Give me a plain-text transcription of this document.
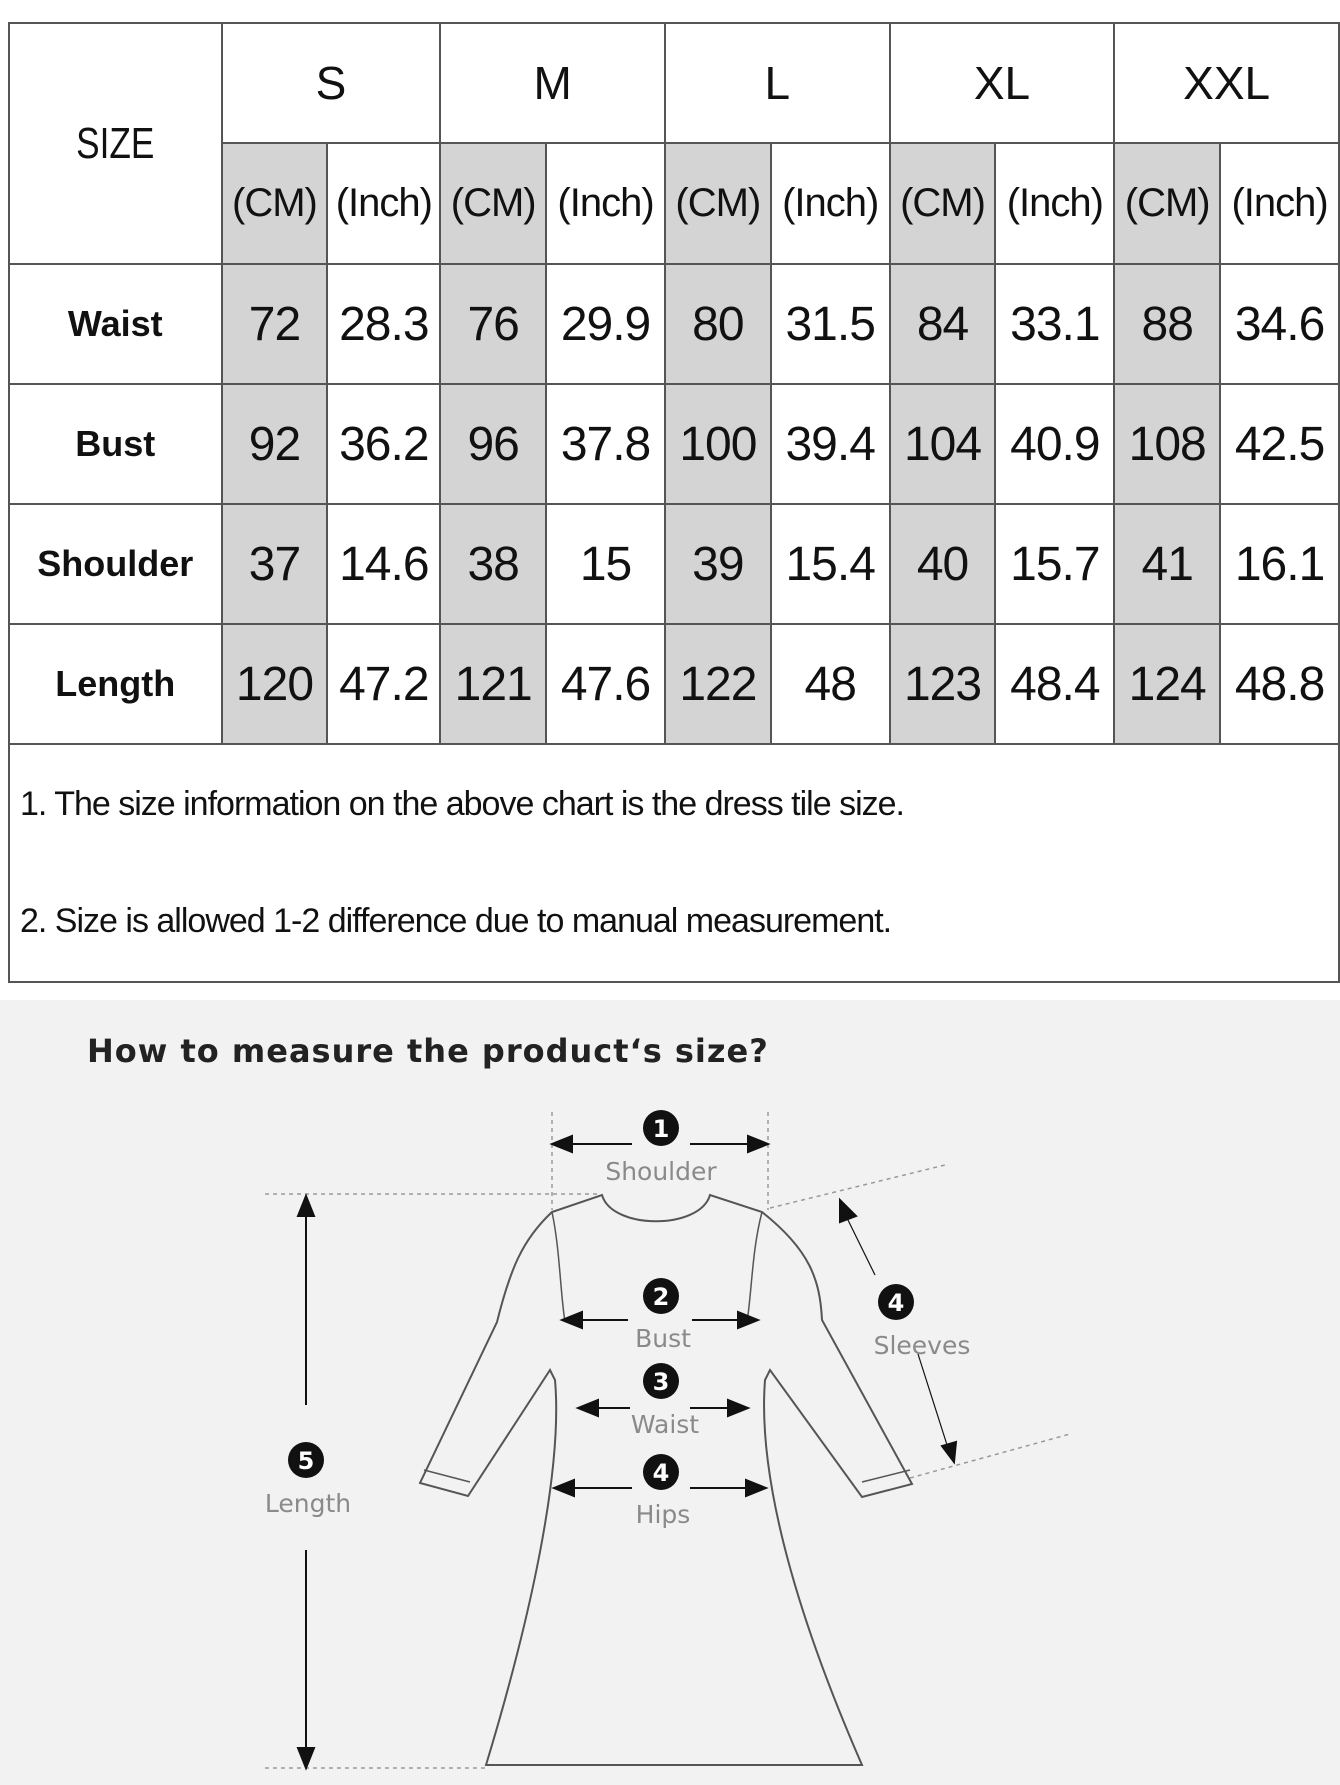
SIZE	S		M		L		XL		XXL	
	(CM)	(Inch)	(CM)	(Inch)	(CM)	(Inch)	(CM)	(Inch)	(CM)	(Inch)
Waist	72	28.3	76	29.9	80	31.5	84	33.1	88	34.6
Bust	92	36.2	96	37.8	100	39.4	104	40.9	108	42.5
Shoulder	37	14.6	38	15	39	15.4	40	15.7	41	16.1
Length	120	47.2	121	47.6	122	48	123	48.4	124	48.8

1. The size information on the above chart is the dress tile size.
2. Size is allowed 1-2 difference due to manual measurement.										
How to measure the product‘s size?
1
2
3
4
4
5
Shoulder
Bust
Waist
Hips
Sleeves
Length
